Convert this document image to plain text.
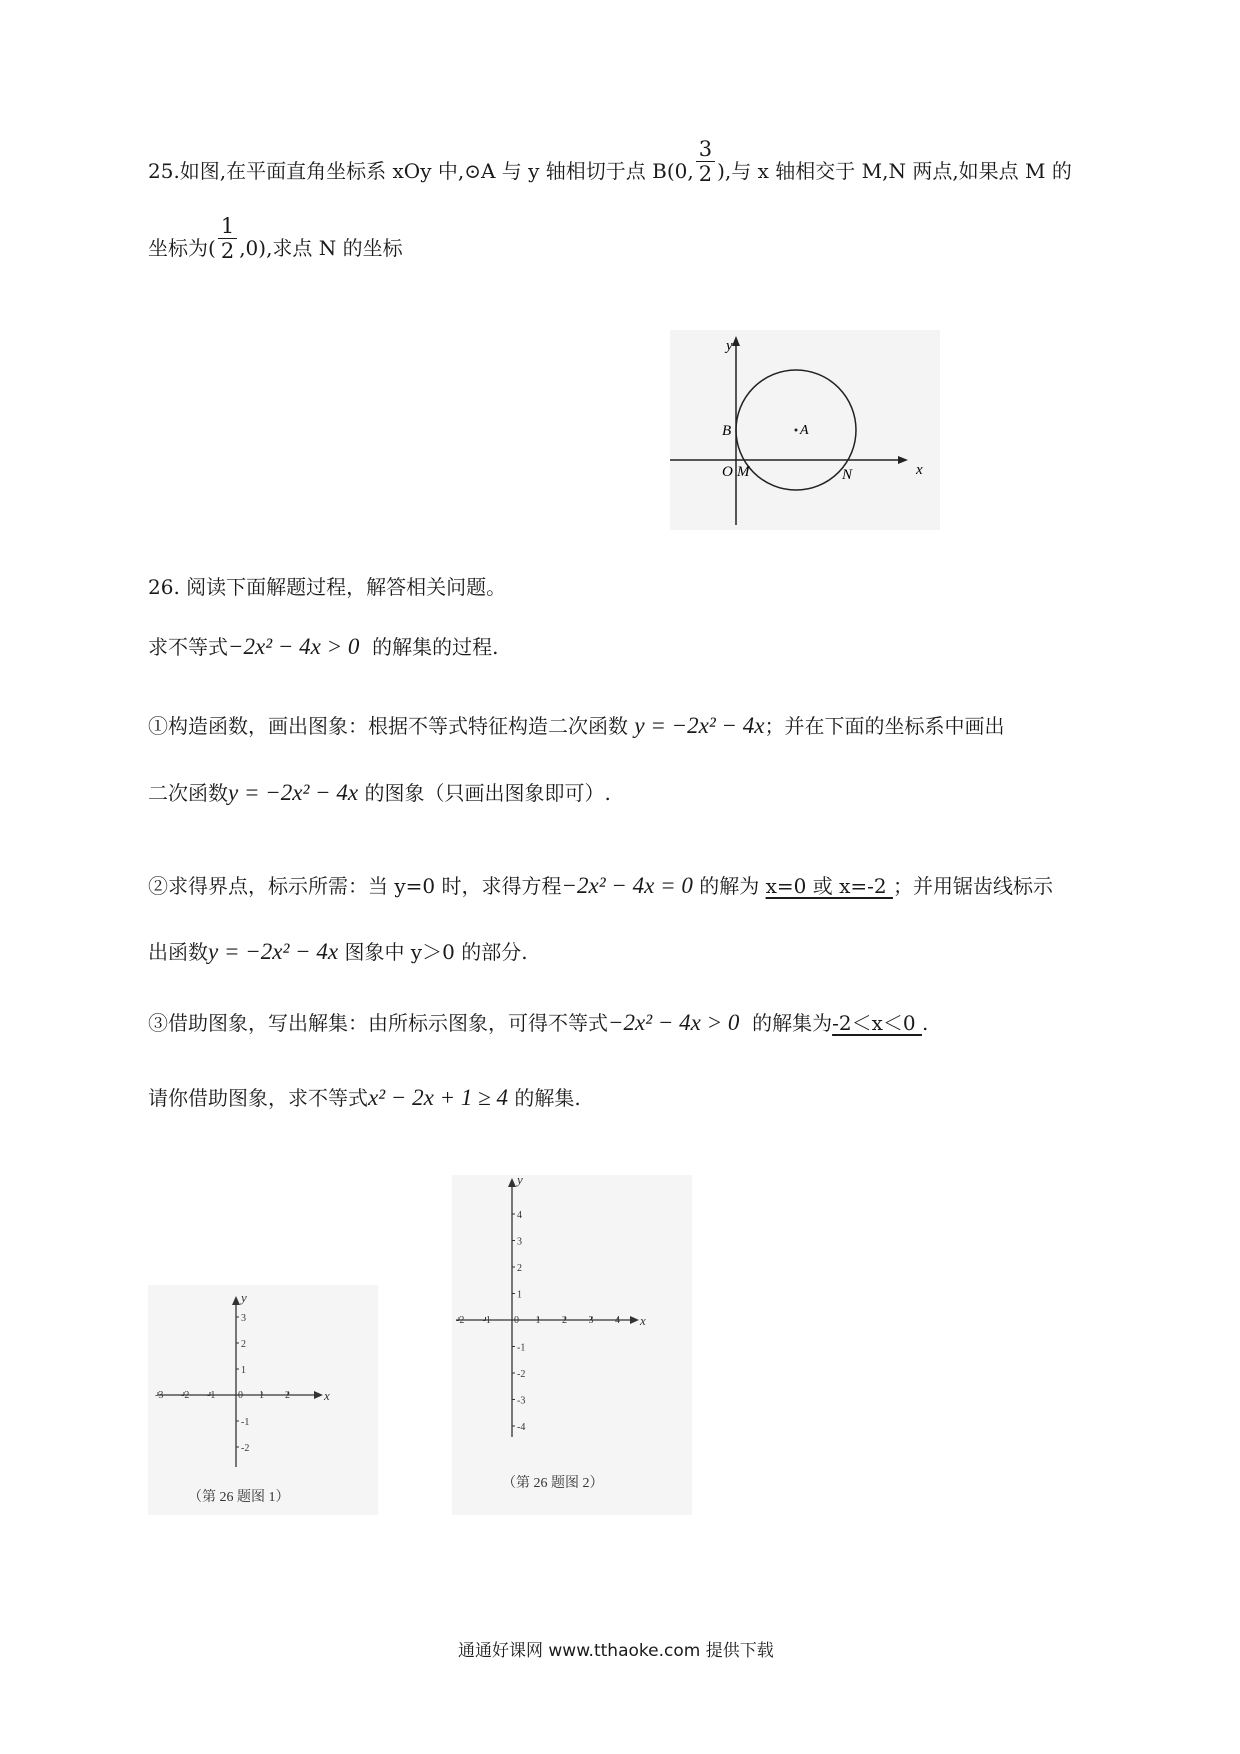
25.如图,在平面直角坐标系 xOy 中,⊙A 与 y 轴相切于点 B(0, $\frac{3}{2}$ ),与 x 轴相交于 M,N 两点,如果点 M 的
坐标为( $\frac{1}{2} ,0$),求点 N 的坐标
y
x
B	A
O M	N
26. 阅读下面解题过程，解答相关问题。
求不等式−2x² − 4x > 0 的解集的过程.
①构造函数，画出图象：根据不等式特征构造二次函数 y = −2x² − 4x；并在下面的坐标系中画出
二次函数y = −2x² − 4x 的图象（只画出图象即可）.
②求得界点，标示所需：当 y=0 时，求得方程−2x² − 4x = 0 的解为 x=0 或 x=-2 ；并用锯齿线标示
出函数y = −2x² − 4x 图象中 y＞0 的部分.
③借助图象，写出解集：由所标示图象，可得不等式−2x² − 4x > 0 的解集为-2＜x＜0 .
请你借助图象，求不等式x² − 2x + 1 ≥ 4 的解集.
x
y
-3 -2 -1 0 1 2
3
2
1
-1
-2
（第 26 题图 1）
x
y
-2 -1 0 1 2 3 4
4
3
2
1
-1
-2
-3
-4
（第 26 题图 2）
通通好课网 www.tthaoke.com 提供下载
